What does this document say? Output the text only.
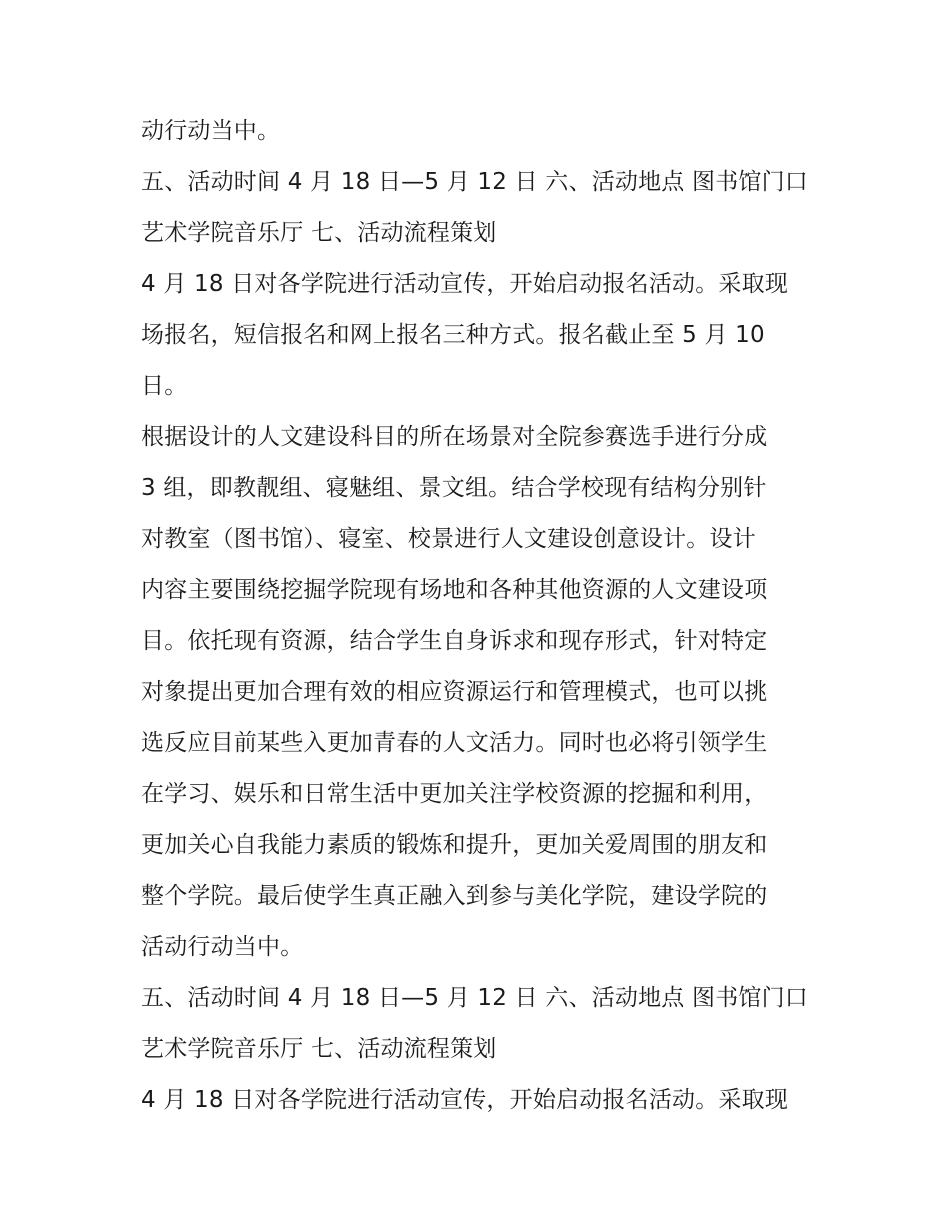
动行动当中。
五、活动时间 4 月 18 日—5 月 12 日 六、活动地点 图书馆门口
艺术学院音乐厅 七、活动流程策划
4 月 18 日对各学院进行活动宣传，开始启动报名活动。采取现
场报名，短信报名和网上报名三种方式。报名截止至 5 月 10
日。
根据设计的人文建设科目的所在场景对全院参赛选手进行分成
3 组，即教靓组、寝魅组、景文组。结合学校现有结构分别针
对教室（图书馆）、寝室、校景进行人文建设创意设计。设计
内容主要围绕挖掘学院现有场地和各种其他资源的人文建设项
目。依托现有资源，结合学生自身诉求和现存形式，针对特定
对象提出更加合理有效的相应资源运行和管理模式，也可以挑
选反应目前某些入更加青春的人文活力。同时也必将引领学生
在学习、娱乐和日常生活中更加关注学校资源的挖掘和利用，
更加关心自我能力素质的锻炼和提升，更加关爱周围的朋友和
整个学院。最后使学生真正融入到参与美化学院，建设学院的
活动行动当中。
五、活动时间 4 月 18 日—5 月 12 日 六、活动地点 图书馆门口
艺术学院音乐厅 七、活动流程策划
4 月 18 日对各学院进行活动宣传，开始启动报名活动。采取现
